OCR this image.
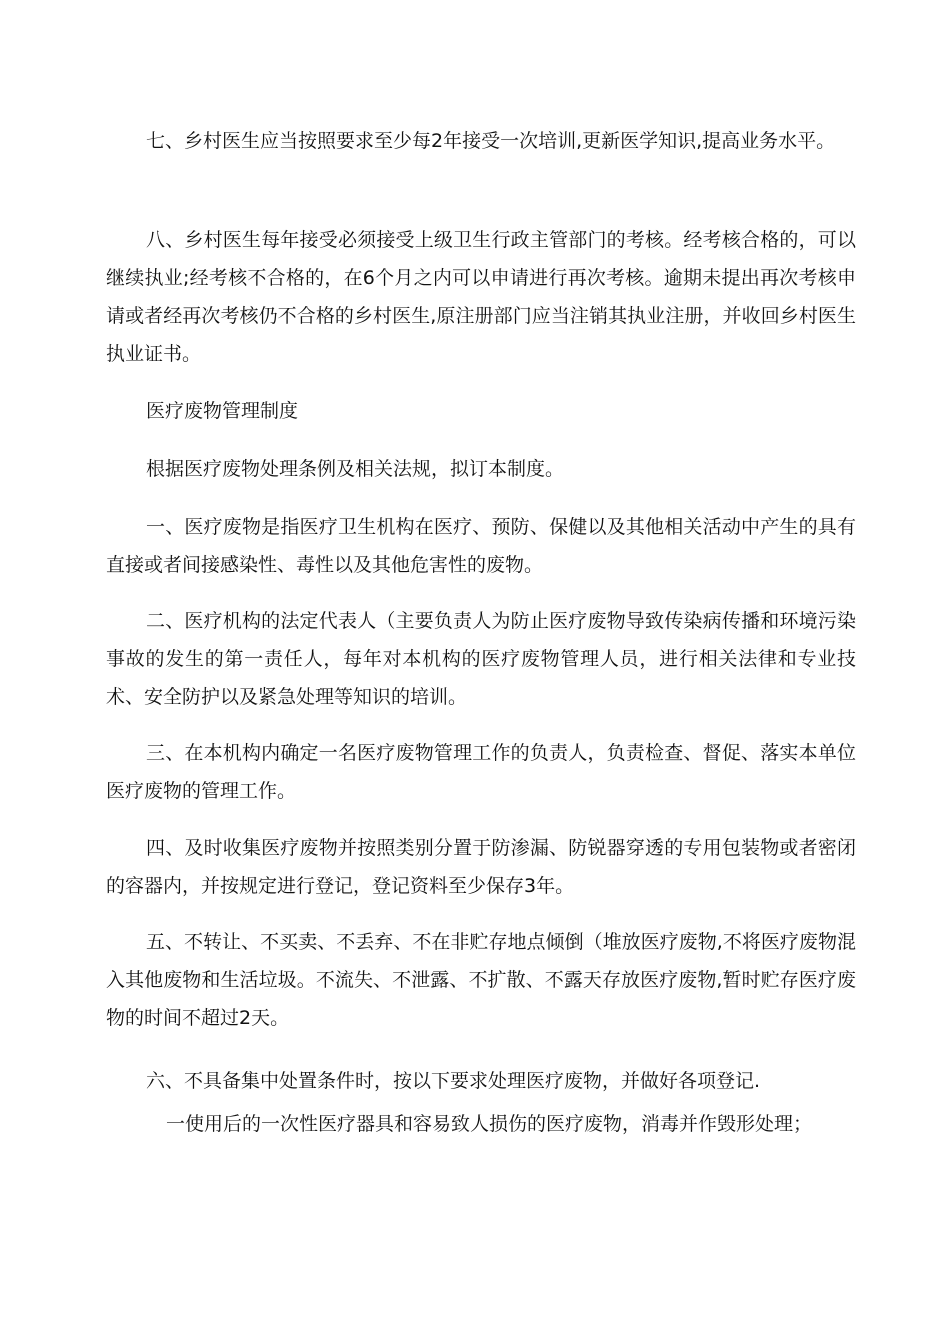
七、乡村医生应当按照要求至少每2年接受一次培训,更新医学知识,提高业务水平。

八、乡村医生每年接受必须接受上级卫生行政主管部门的考核。经考核合格的，可以继续执业;经考核不合格的，在6个月之内可以申请进行再次考核。逾期未提出再次考核申请或者经再次考核仍不合格的乡村医生,原注册部门应当注销其执业注册，并收回乡村医生执业证书。

医疗废物管理制度

根据医疗废物处理条例及相关法规，拟订本制度。

一、医疗废物是指医疗卫生机构在医疗、预防、保健以及其他相关活动中产生的具有直接或者间接感染性、毒性以及其他危害性的废物。

二、医疗机构的法定代表人（主要负责人为防止医疗废物导致传染病传播和环境污染事故的发生的第一责任人，每年对本机构的医疗废物管理人员，进行相关法律和专业技术、安全防护以及紧急处理等知识的培训。

三、在本机构内确定一名医疗废物管理工作的负责人，负责检查、督促、落实本单位医疗废物的管理工作。

四、及时收集医疗废物并按照类别分置于防渗漏、防锐器穿透的专用包装物或者密闭的容器内，并按规定进行登记，登记资料至少保存3年。

五、不转让、不买卖、不丢弃、不在非贮存地点倾倒（堆放医疗废物,不将医疗废物混入其他废物和生活垃圾。不流失、不泄露、不扩散、不露天存放医疗废物,暂时贮存医疗废物的时间不超过2天。

六、不具备集中处置条件时，按以下要求处理医疗废物，并做好各项登记.

一使用后的一次性医疗器具和容易致人损伤的医疗废物，消毒并作毁形处理；
